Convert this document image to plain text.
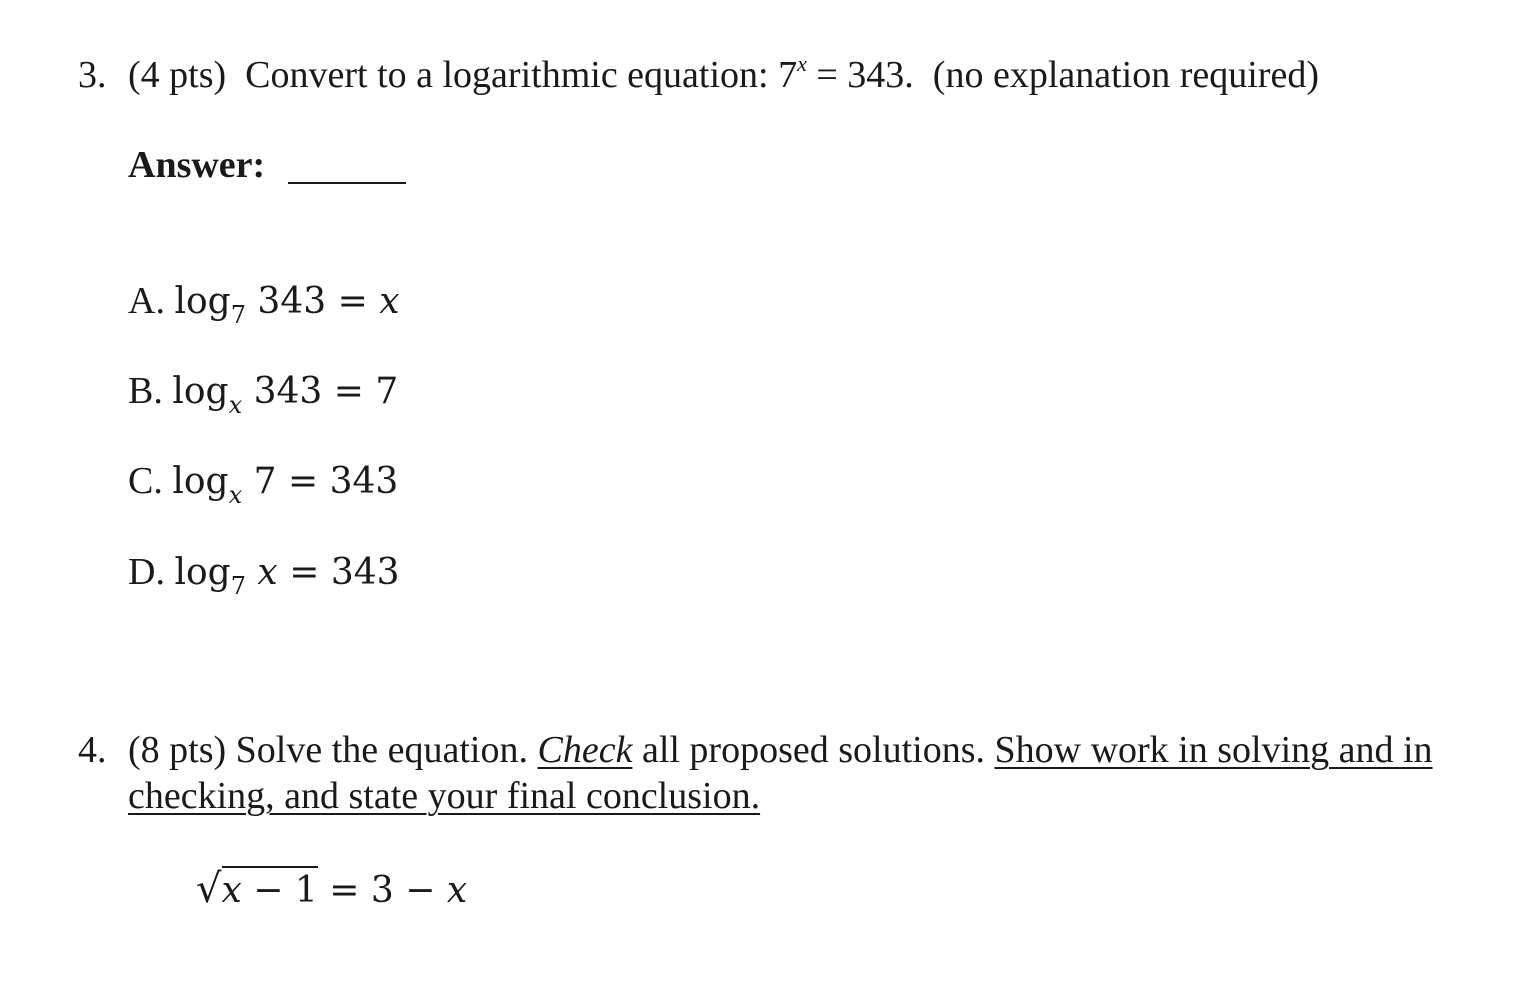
3. (4 pts) Convert to a logarithmic equation: $7^x = 343$. (no explanation required)
Answer:
A. $\log_7 343 = x$
B. $\log_x 343 = 7$
C. $\log_x 7 = 343$
D. $\log_7 x = 343$
4. (8 pts) Solve the equation. Check all proposed solutions. Show work in solving and in
checking, and state your final conclusion.
√x − 1 = 3 − x
